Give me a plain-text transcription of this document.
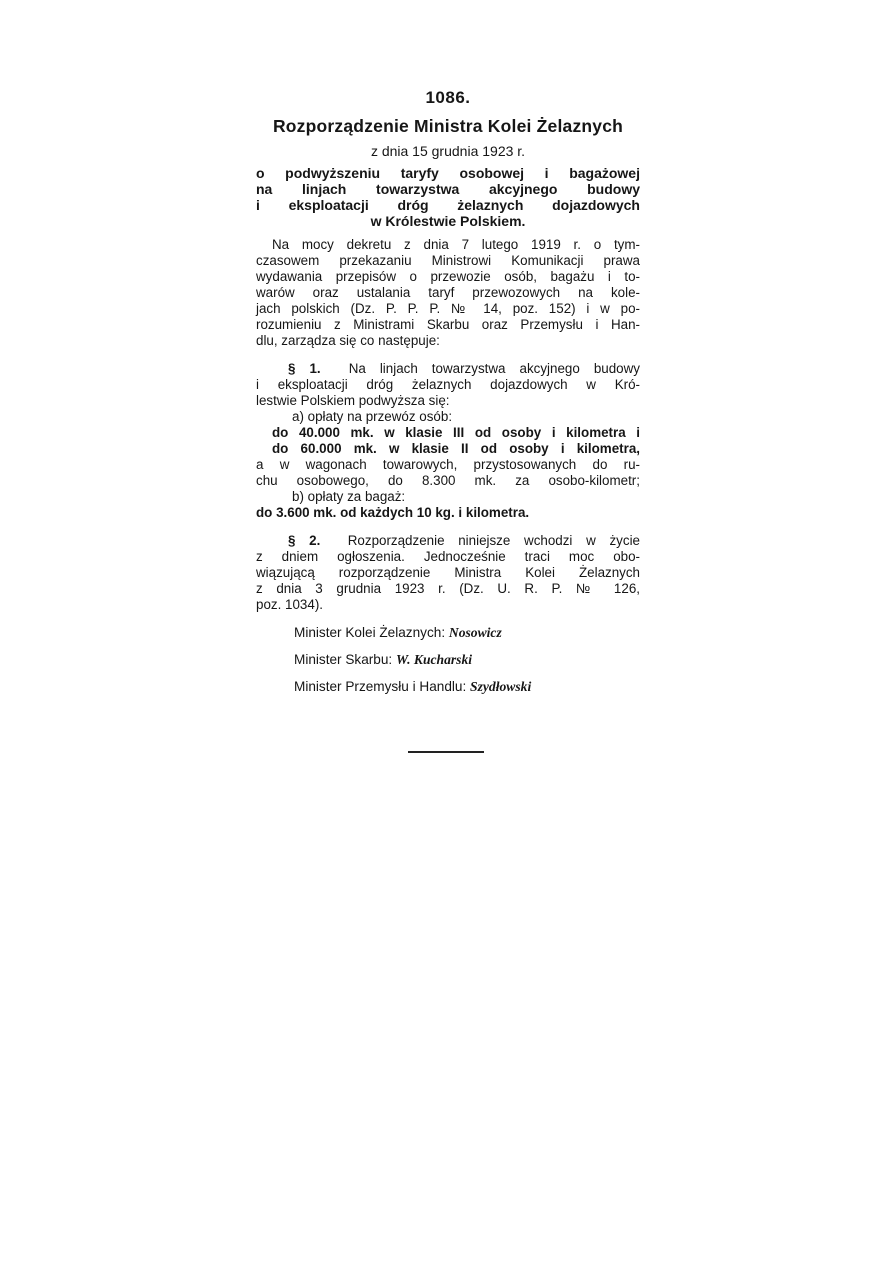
1086.
Rozporządzenie Ministra Kolei Żelaznych
z dnia 15 grudnia 1923 r.
o podwyższeniu taryfy osobowej i bagażowej
na linjach towarzystwa akcyjnego budowy
i eksploatacji dróg żelaznych dojazdowych
w Królestwie Polskiem.
Na mocy dekretu z dnia 7 lutego 1919 r. o tym-
czasowem przekazaniu Ministrowi Komunikacji prawa
wydawania przepisów o przewozie osób, bagażu i to-
warów oraz ustalania taryf przewozowych na kole-
jach polskich (Dz. P. P. P. № 14, poz. 152) i w po-
rozumieniu z Ministrami Skarbu oraz Przemysłu i Han-
dlu, zarządza się co następuje:
§ 1. Na linjach towarzystwa akcyjnego budowy
i eksploatacji dróg żelaznych dojazdowych w Kró-
lestwie Polskiem podwyższa się:
a) opłaty na przewóz osób:
do 40.000 mk. w klasie III od osoby i kilometra i
do 60.000 mk. w klasie II od osoby i kilometra,
a w wagonach towarowych, przystosowanych do ru-
chu osobowego, do 8.300 mk. za osobo-kilometr;
b) opłaty za bagaż:
do 3.600 mk. od każdych 10 kg. i kilometra.
§ 2. Rozporządzenie niniejsze wchodzi w życie
z dniem ogłoszenia. Jednocześnie traci moc obo-
wiązującą rozporządzenie Ministra Kolei Żelaznych
z dnia 3 grudnia 1923 r. (Dz. U. R. P. № 126,
poz. 1034).
Minister Kolei Żelaznych: Nosowicz
Minister Skarbu: W. Kucharski
Minister Przemysłu i Handlu: Szydłowski
